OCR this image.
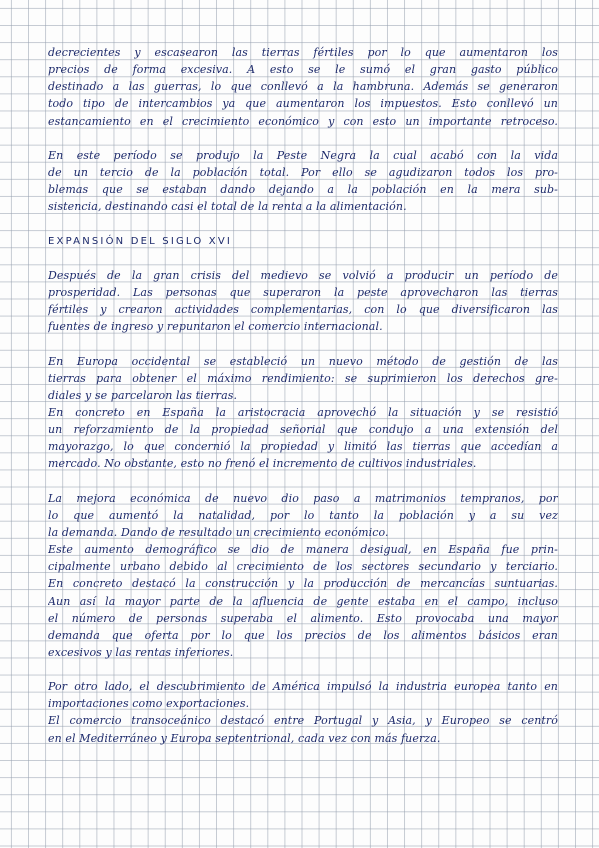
decrecientes y escasearon las tierras fértiles por lo que aumentaron los
precios de forma excesiva. A esto se le sumó el gran gasto público
destinado a las guerras, lo que conllevó a la hambruna. Además se generaron
todo tipo de intercambios ya que aumentaron los impuestos. Esto conllevó un
estancamiento en el crecimiento económico y con esto un importante retroceso.
En este período se produjo la Peste Negra la cual acabó con la vida
de un tercio de la población total. Por ello se agudizaron todos los pro-
blemas que se estaban dando dejando a la población en la mera sub-
sistencia, destinando casi el total de la renta a la alimentación.
EXPANSIÓN DEL SIGLO XVI
Después de la gran crisis del medievo se volvió a producir un período de
prosperidad. Las personas que superaron la peste aprovecharon las tierras
fértiles y crearon actividades complementarias, con lo que diversificaron las
fuentes de ingreso y repuntaron el comercio internacional.
En Europa occidental se estableció un nuevo método de gestión de las
tierras para obtener el máximo rendimiento: se suprimieron los derechos gre-
diales y se parcelaron las tierras.
En concreto en España la aristocracia aprovechó la situación y se resistió
un reforzamiento de la propiedad señorial que condujo a una extensión del
mayorazgo, lo que concernió la propiedad y limitó las tierras que accedían a
mercado. No obstante, esto no frenó el incremento de cultivos industriales.
La mejora económica de nuevo dio paso a matrimonios tempranos, por
lo que aumentó la natalidad, por lo tanto la población y a su vez
la demanda. Dando de resultado un crecimiento económico.
Este aumento demográfico se dio de manera desigual, en España fue prin-
cipalmente urbano debido al crecimiento de los sectores secundario y terciario.
En concreto destacó la construcción y la producción de mercancías suntuarias.
Aun así la mayor parte de la afluencia de gente estaba en el campo, incluso
el número de personas superaba el alimento. Esto provocaba una mayor
demanda que oferta por lo que los precios de los alimentos básicos eran
excesivos y las rentas inferiores.
Por otro lado, el descubrimiento de América impulsó la industria europea tanto en
importaciones como exportaciones.
El comercio transoceánico destacó entre Portugal y Asia, y Europeo se centró
en el Mediterráneo y Europa septentrional, cada vez con más fuerza.
